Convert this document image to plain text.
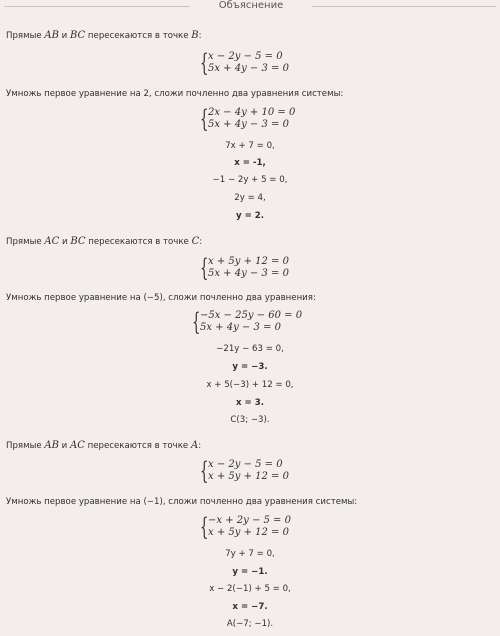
Объяснение
Прямые AB и BC пересекаются в точке B:
{ x − 2y − 5 = 0
5x + 4y − 3 = 0
Умножь первое уравнение на 2, сложи почленно два уравнения системы:
{ 2x − 4y + 10 = 0
5x + 4y − 3 = 0
7x + 7 = 0,
x = -1,
−1 − 2y + 5 = 0,
2y = 4,
y = 2.
Прямые AC и BC пересекаются в точке C:
{ x + 5y + 12 = 0
5x + 4y − 3 = 0
Умножь первое уравнение на (−5), сложи почленно два уравнения:
{ −5x − 25y − 60 = 0
5x + 4y − 3 = 0
−21y − 63 = 0,
y = −3.
x + 5(−3) + 12 = 0,
x = 3.
C(3; −3).
Прямые AB и AC пересекаются в точке A:
{ x − 2y − 5 = 0
x + 5y + 12 = 0
Умножь первое уравнение на (−1), сложи почленно два уравнения системы:
{ −x + 2y − 5 = 0
x + 5y + 12 = 0
7y + 7 = 0,
y = −1.
x − 2(−1) + 5 = 0,
x = −7.
A(−7; −1).
